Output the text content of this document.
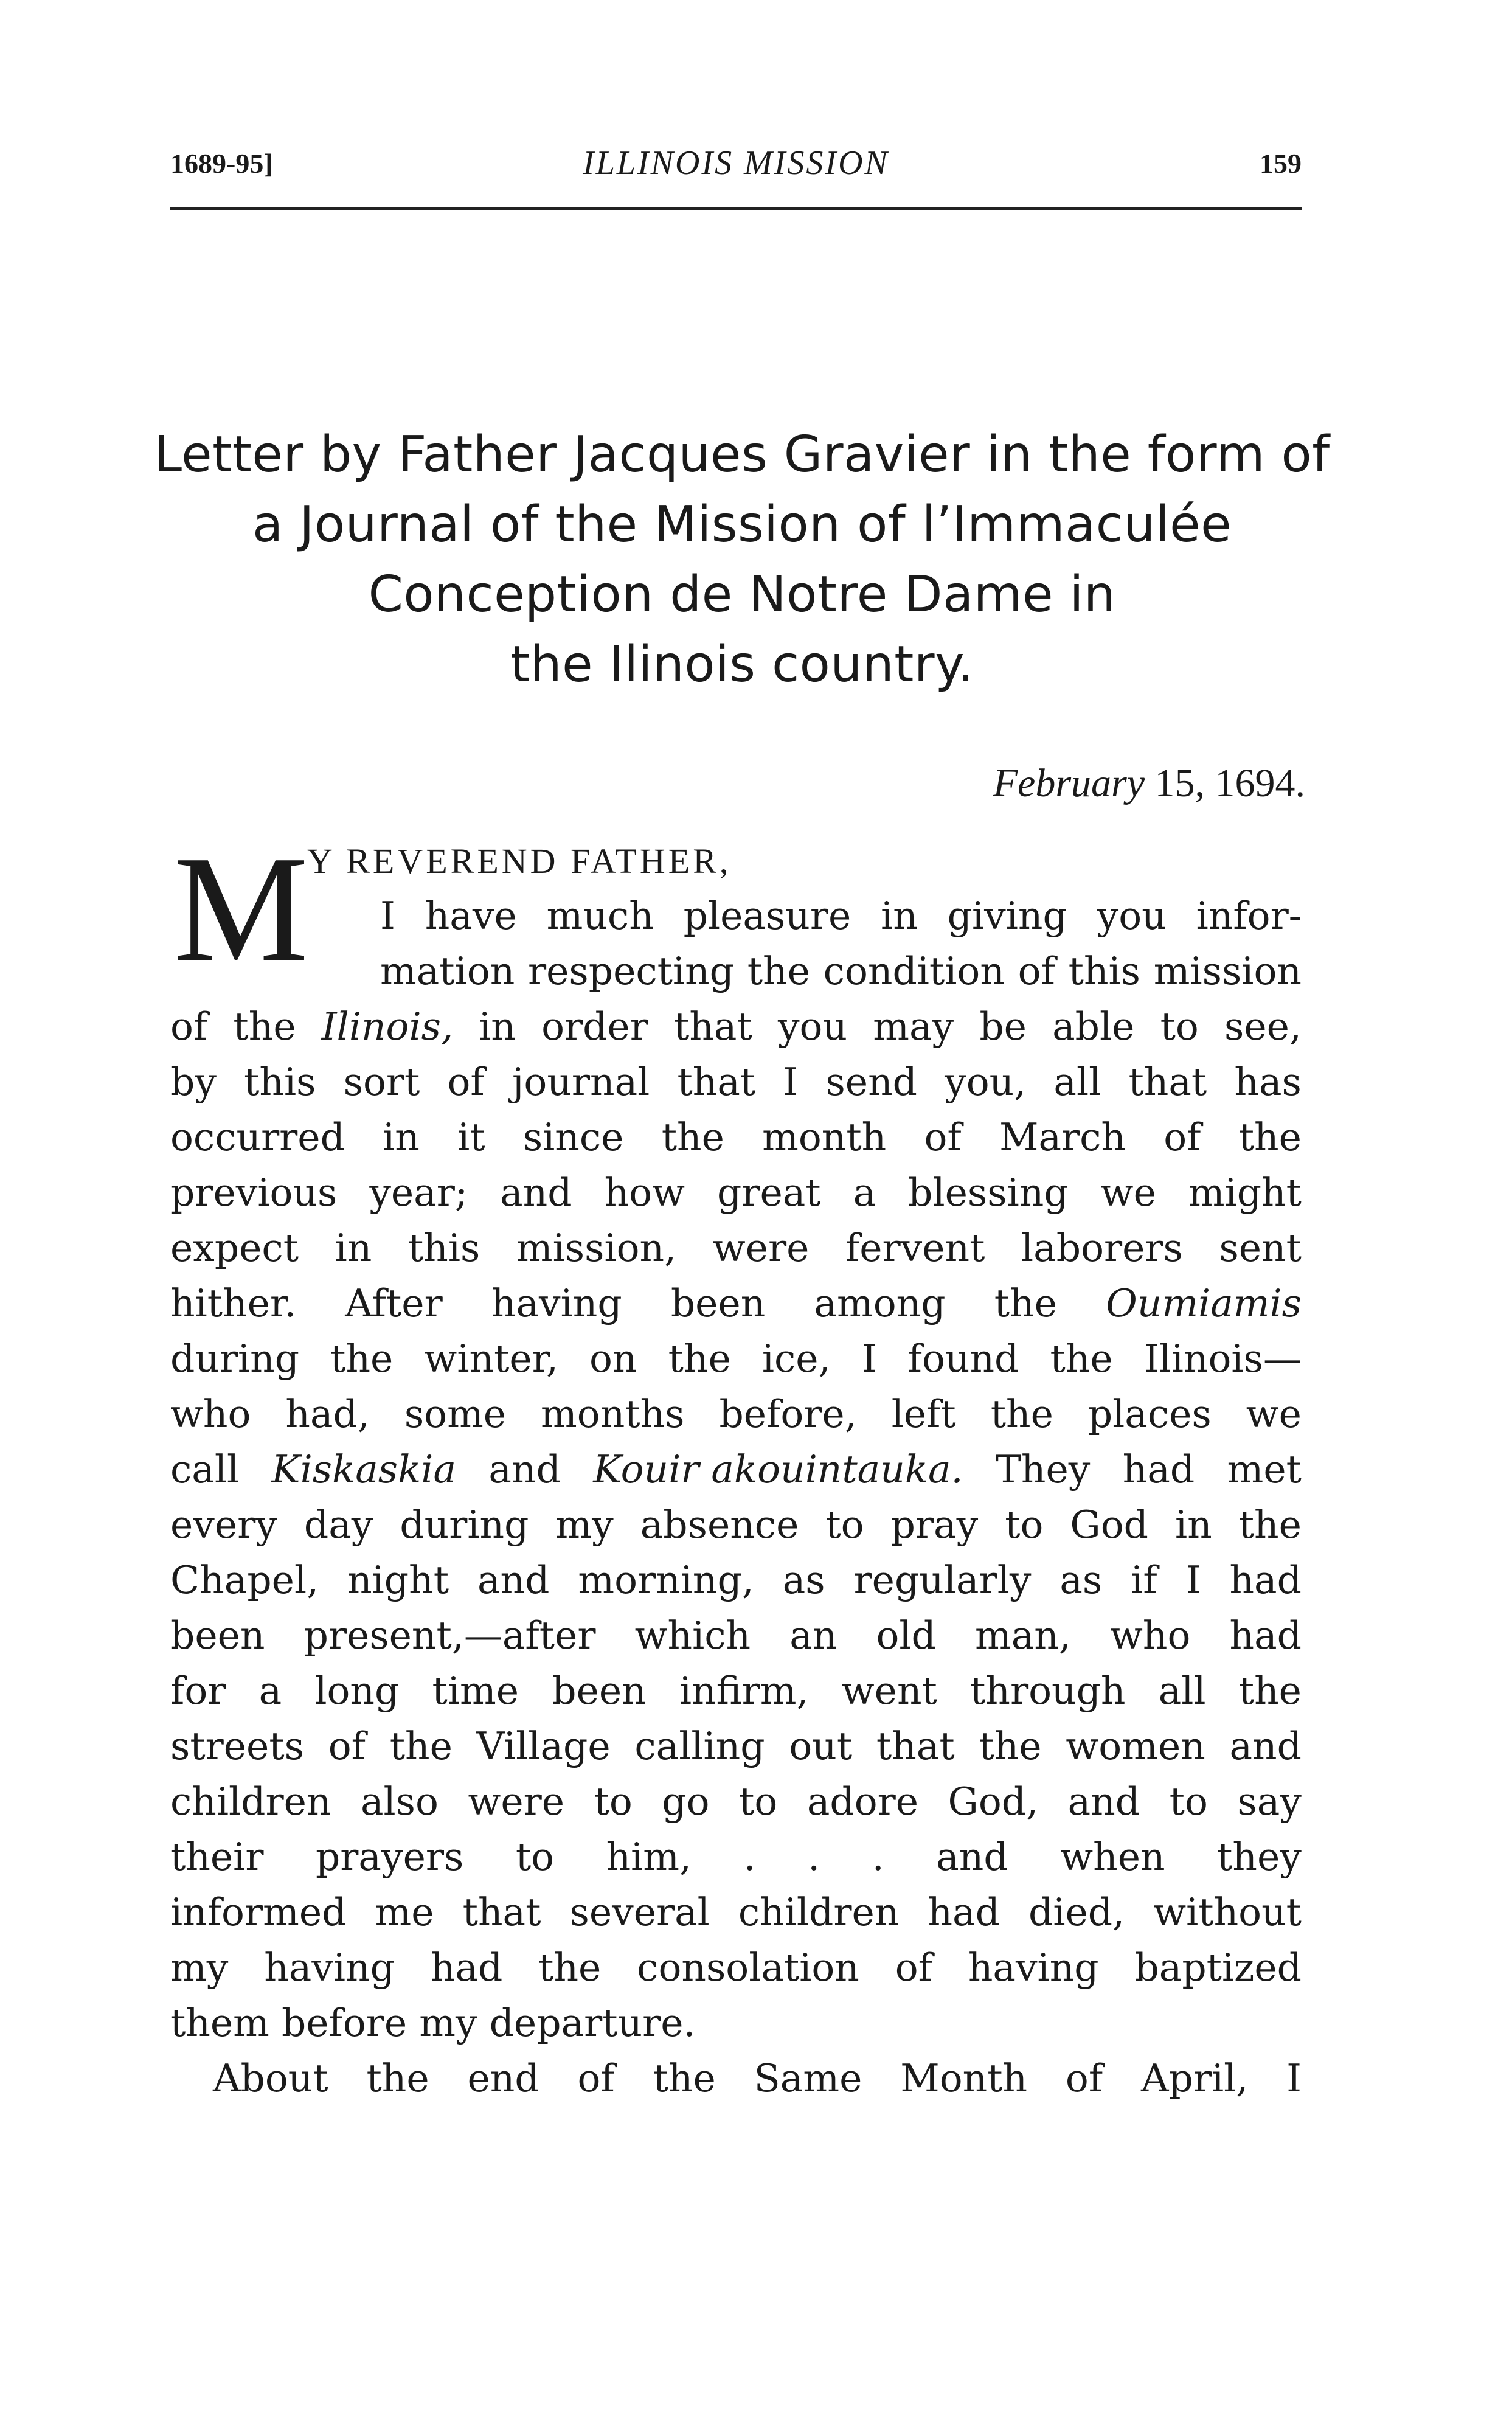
1689-95]	ILLINOIS MISSION	159
Letter by Father Jacques Gravier in the form of
a Journal of the Mission of l’Immaculée
Conception de Notre Dame in
the Ilinois country.
February 15, 1694.
M
Y REVEREND FATHER,
I have much pleasure in giving you infor-
mation respecting the condition of this mission
of the Ilinois, in order that you may be able to see,
by this sort of journal that I send you, all that has
occurred in it since the month of March of the
previous year; and how great a blessing we might
expect in this mission, were fervent laborers sent
hither. After having been among the Oumiamis
during the winter, on the ice, I found the Ilinois—
who had, some months before, left the places we
call Kiskaskia and Kouir akouintauka. They had met
every day during my absence to pray to God in the
Chapel, night and morning, as regularly as if I had
been present,—after which an old man, who had
for a long time been infirm, went through all the
streets of the Village calling out that the women and
children also were to go to adore God, and to say
their prayers to him, . . . and when they
informed me that several children had died, without
my having had the consolation of having baptized
them before my departure.
About the end of the Same Month of April, I
